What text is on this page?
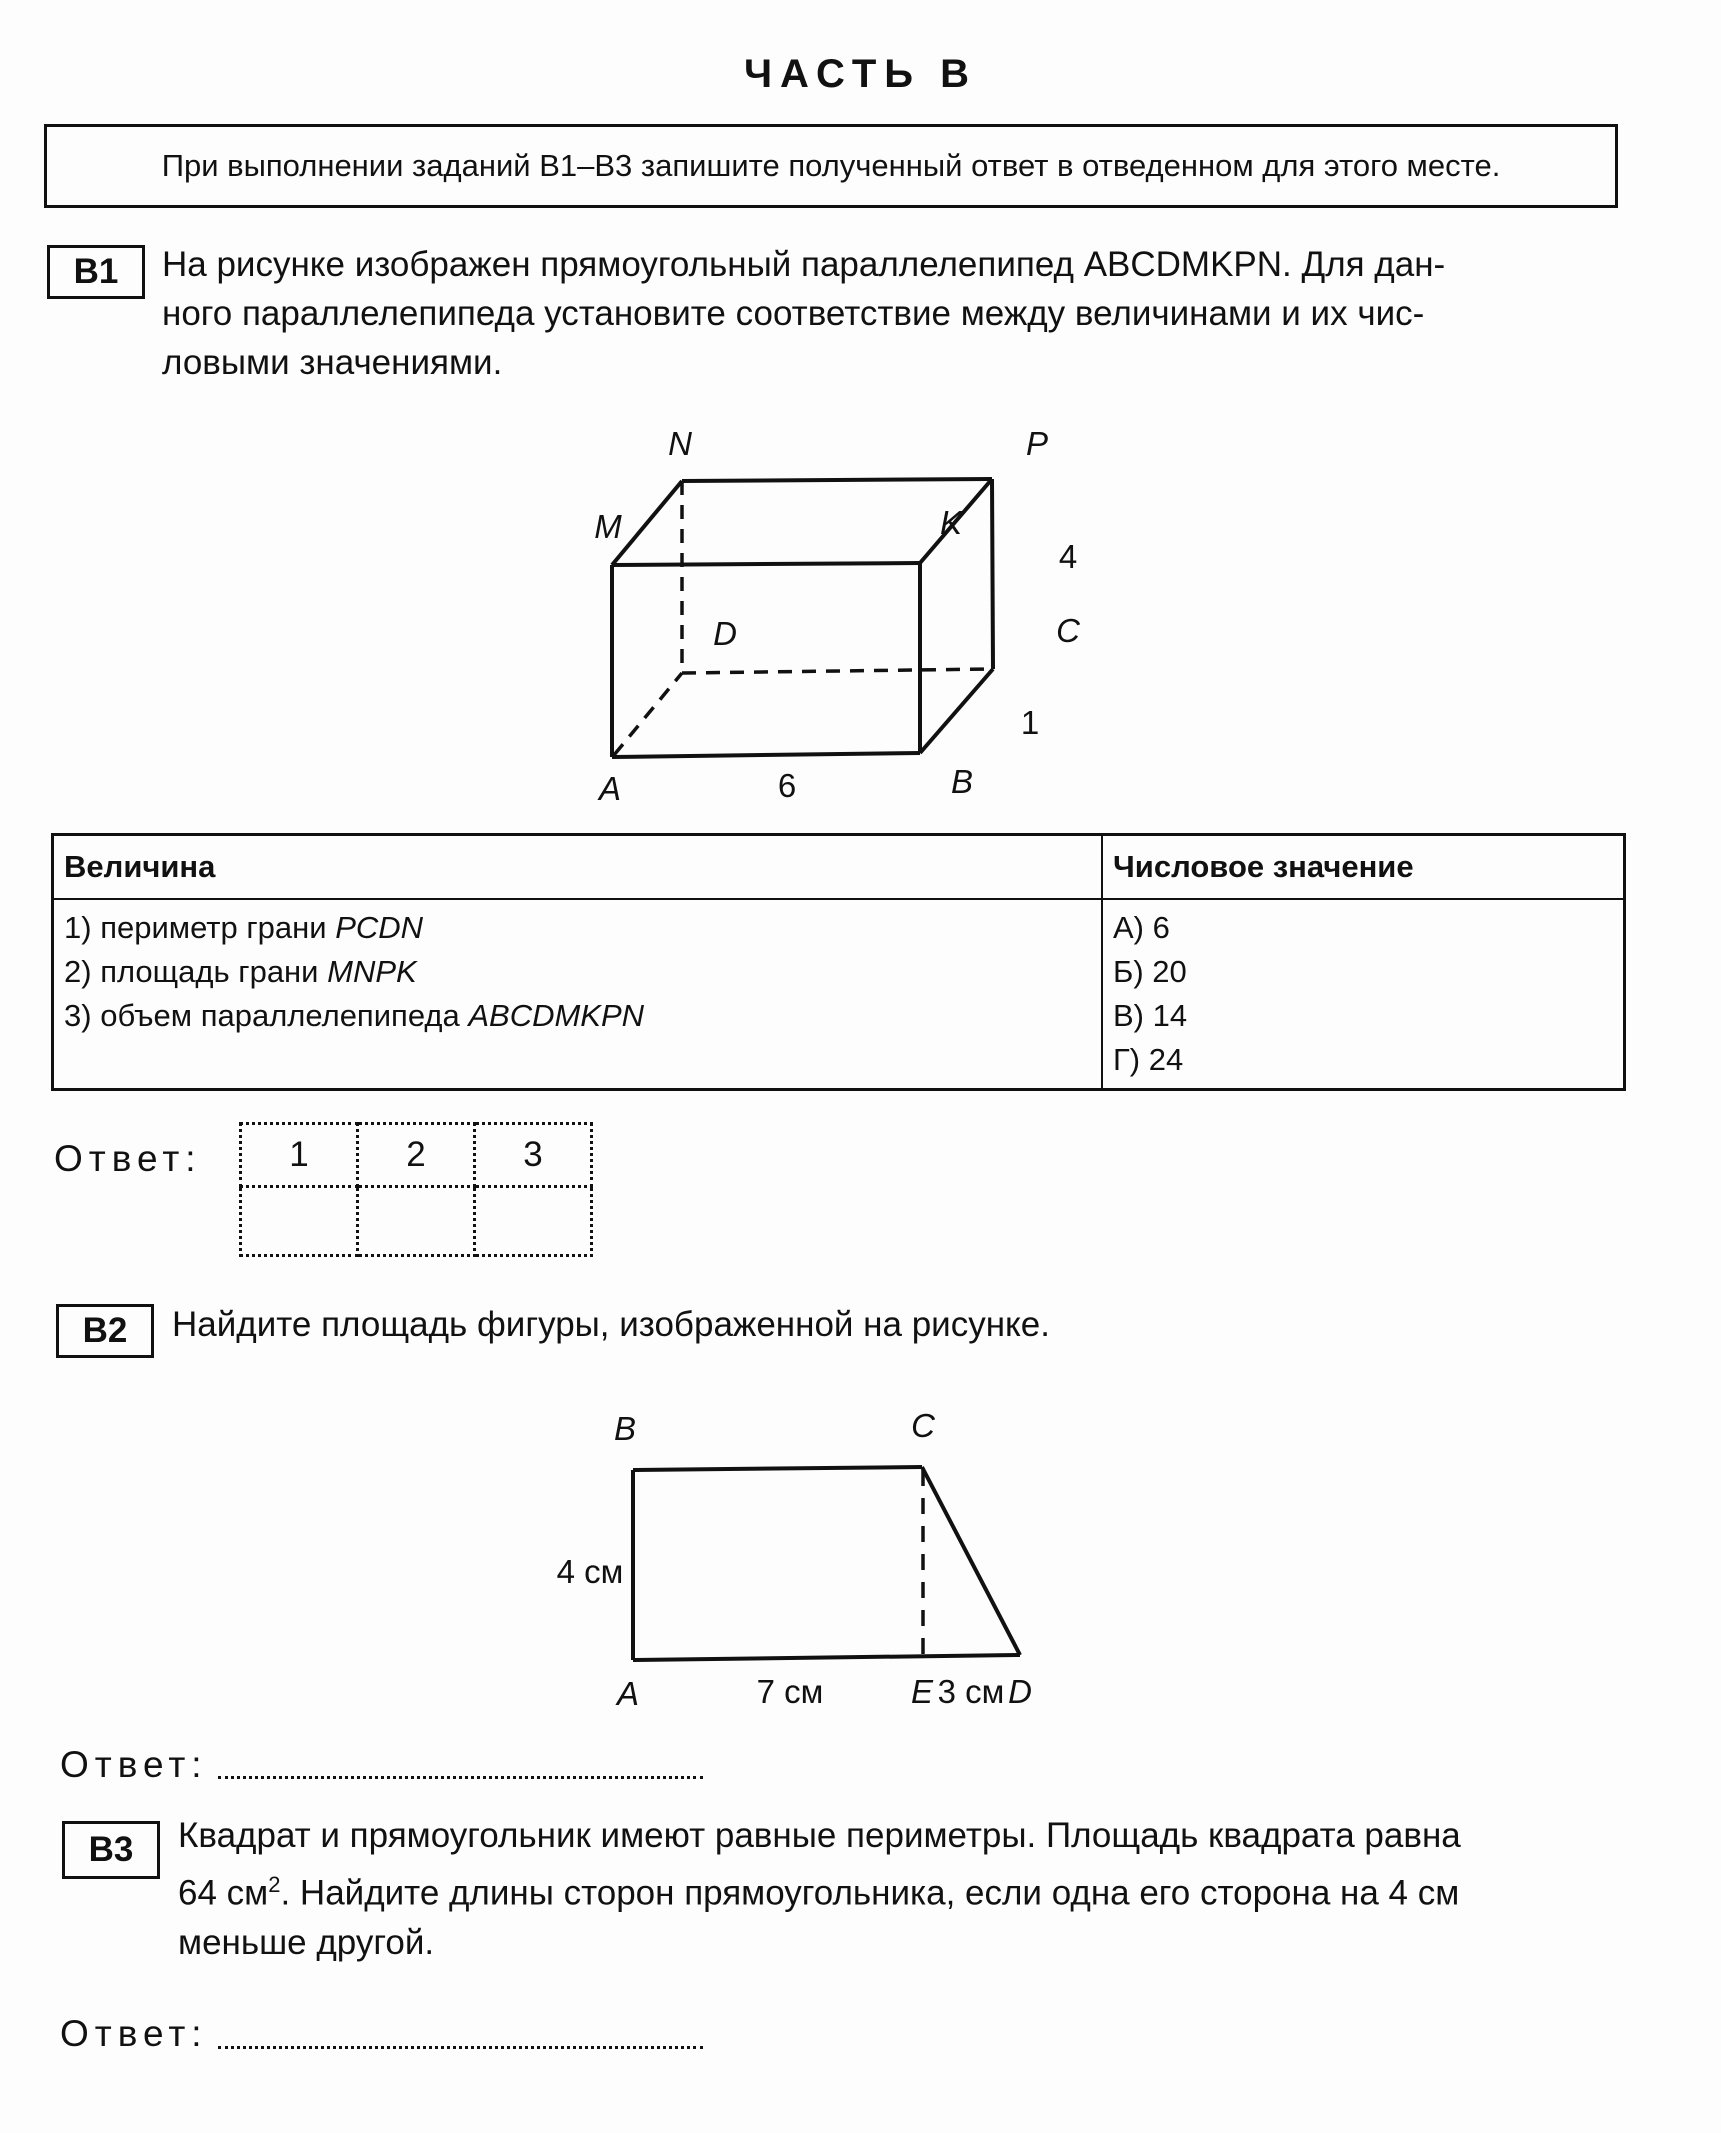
ЧАСТЬ B
При выполнении заданий B1–B3 запишите полученный ответ в отведенном для этого месте.
B1	На рисунке изображен прямоугольный параллелепипед ABCDMKPN. Для дан-
ного параллелепипеда установите соответствие между величинами и их чис-
ловыми значениями.
N	P
M	K
D	C
A	B
6
1
4
B	C
A	E D
4 см
7 см	3 см
Величина	Числовое значение

1) периметр грани PCDN
2) площадь грани MNPK
3) объем параллелепипеда ABCDMKPN

А) 6
Б) 20
В) 14
Г) 24
Ответ:	1	2	3

B2	Найдите площадь фигуры, изображенной на рисунке.
Ответ:
B3	Квадрат и прямоугольник имеют равные периметры. Площадь квадрата равна
64 $см^2$. Найдите длины сторон прямоугольника, если одна его сторона на 4 см
меньше другой.
Ответ:
